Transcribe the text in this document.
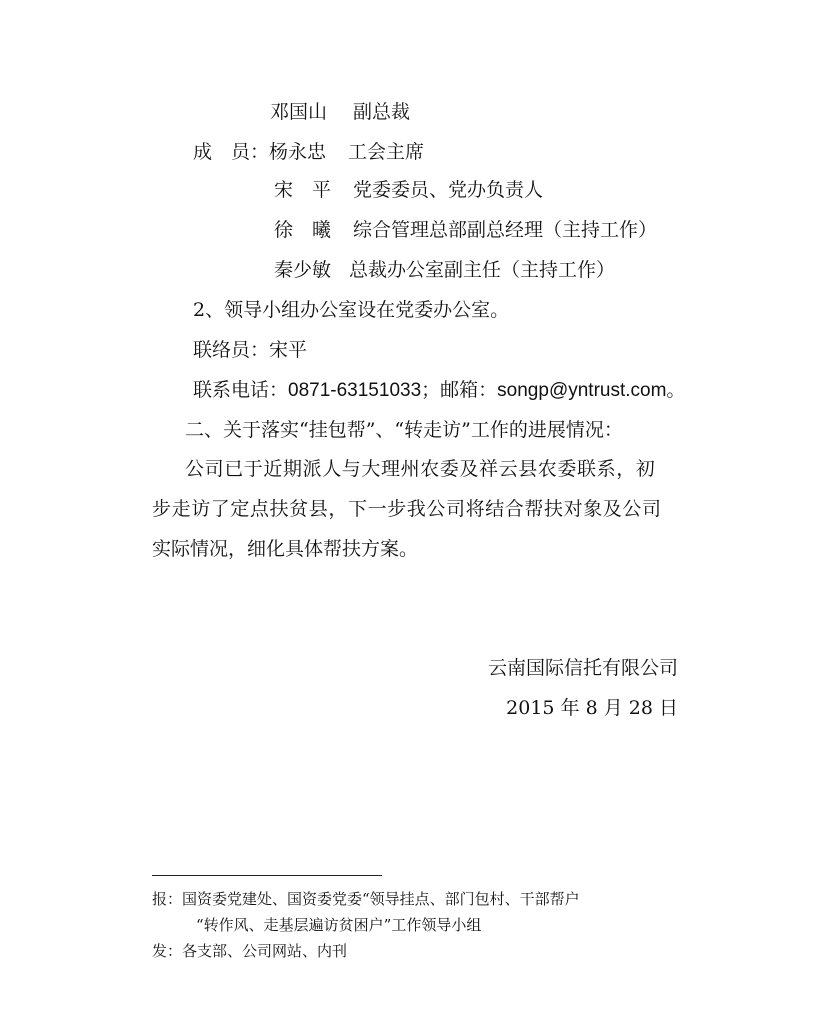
邓国山 副总裁
成　员：杨永忠 工会主席
宋　平 党委委员、党办负责人
徐　曦 综合管理总部副总经理（主持工作）
秦少敏 总裁办公室副主任（主持工作）
2、领导小组办公室设在党委办公室。
联络员：宋平
联系电话：0871-63151033；邮箱：songp@yntrust.com。
二、关于落实“挂包帮”、“转走访”工作的进展情况：
公司已于近期派人与大理州农委及祥云县农委联系，初
步走访了定点扶贫县，下一步我公司将结合帮扶对象及公司
实际情况，细化具体帮扶方案。
云南国际信托有限公司
2015 年 8 月 28 日
报：国资委党建处、国资委党委“领导挂点、部门包村、干部帮户
“转作风、走基层遍访贫困户”工作领导小组
发：各支部、公司网站、内刊
